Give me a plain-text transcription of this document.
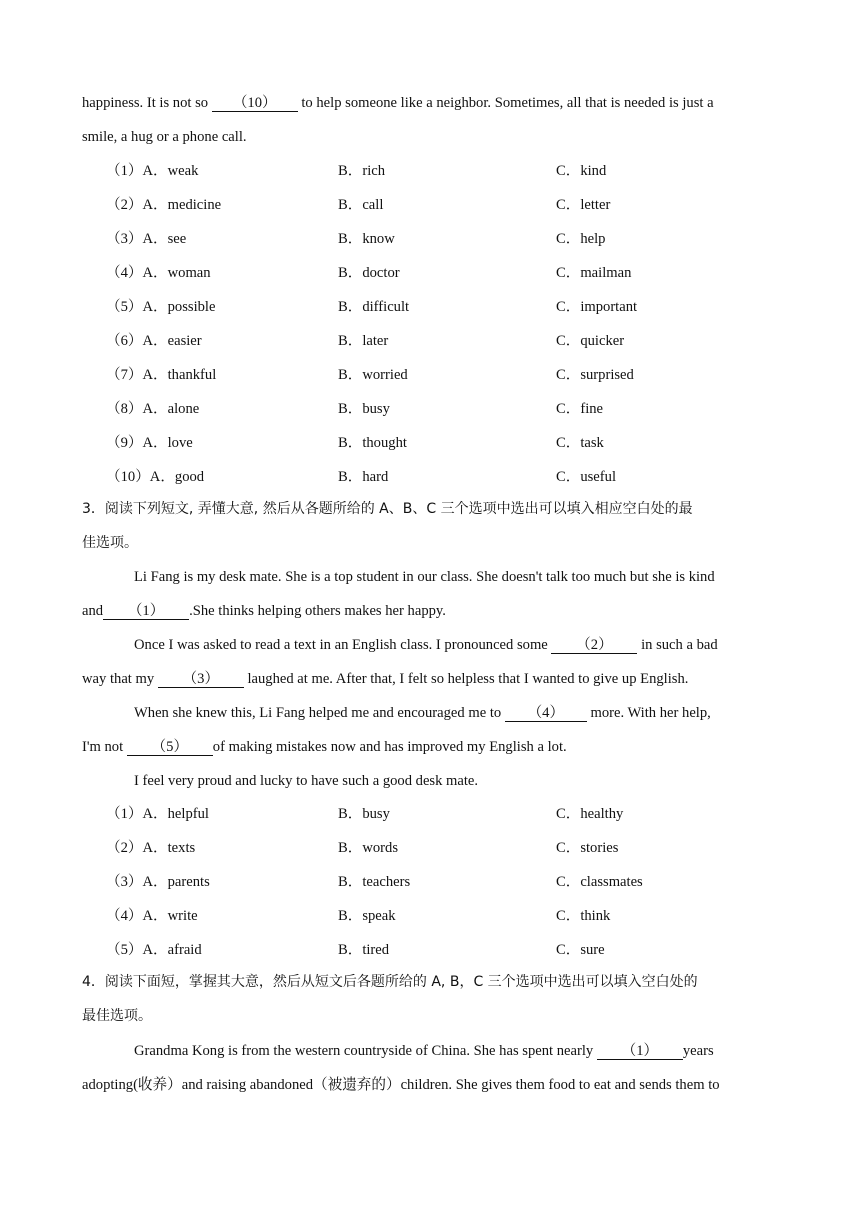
happiness. It is not so （10） to help someone like a neighbor. Sometimes, all that is needed is just a
smile, a hug or a phone call.
（1）A．weak	B．rich	C．kind
（2）A．medicine	B．call	C．letter
（3）A．see	B．know	C．help
（4）A．woman	B．doctor	C．mailman
（5）A．possible	B．difficult	C．important
（6）A．easier	B．later	C．quicker
（7）A．thankful	B．worried	C．surprised
（8）A．alone	B．busy	C．fine
（9）A．love	B．thought	C．task
（10）A．good	B．hard	C．useful
3．阅读下列短文, 弄懂大意, 然后从各题所给的 A、B、C 三个选项中选出可以填入相应空白处的最
佳选项。
Li Fang is my desk mate. She is a top student in our class. She doesn't talk too much but she is kind
and （1） .She thinks helping others makes her happy.
Once I was asked to read a text in an English class. I pronounced some （2） in such a bad
way that my （3） laughed at me. After that, I felt so helpless that I wanted to give up English.
When she knew this, Li Fang helped me and encouraged me to （4） more. With her help,
I'm not （5） of making mistakes now and has improved my English a lot.
I feel very proud and lucky to have such a good desk mate.
（1）A．helpful	B．busy	C．healthy
（2）A．texts	B．words	C．stories
（3）A．parents	B．teachers	C．classmates
（4）A．write	B．speak	C．think
（5）A．afraid	B．tired	C．sure
4．阅读下面短，掌握其大意，然后从短文后各题所给的 A, B，C 三个选项中选出可以填入空白处的
最佳选项。
Grandma Kong is from the western countryside of China. She has spent nearly （1） years
adopting(收养）and raising abandoned（被遗弃的）children. She gives them food to eat and sends them to
